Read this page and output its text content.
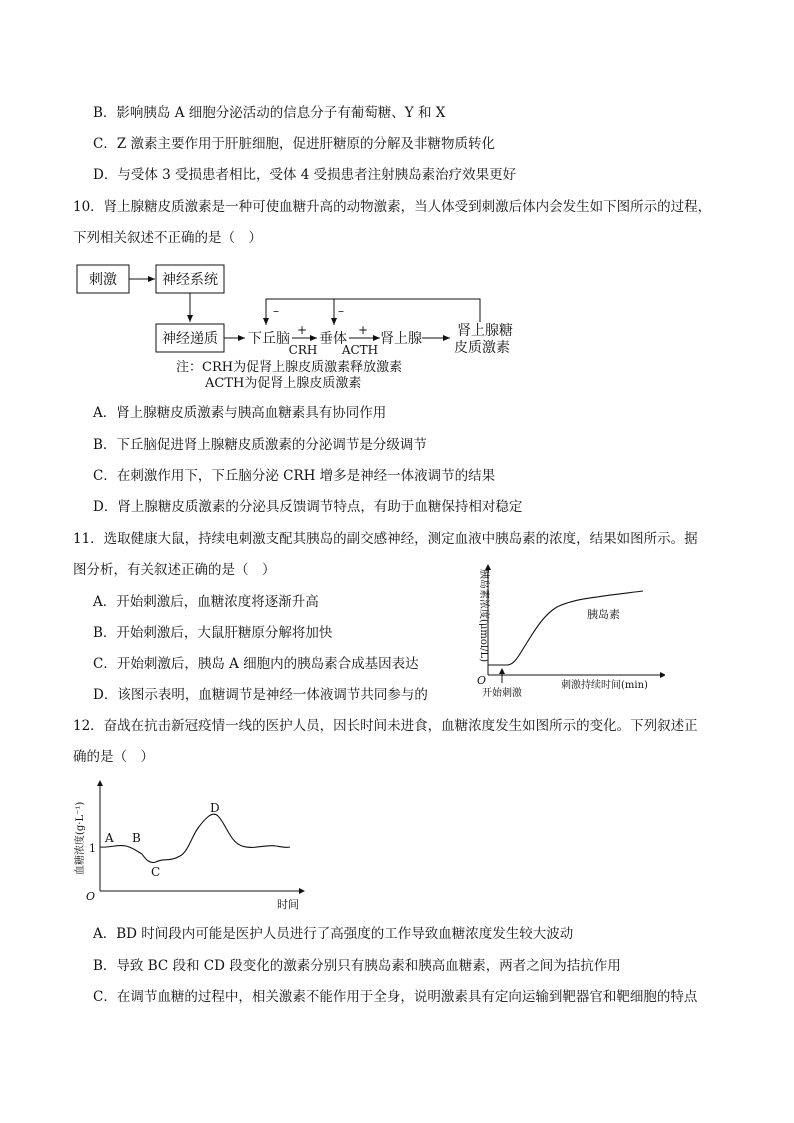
B．影响胰岛 A 细胞分泌活动的信息分子有葡萄糖、Y 和 X
C．Z 激素主要作用于肝脏细胞，促进肝糖原的分解及非糖物质转化
D．与受体 3 受损患者相比，受体 4 受损患者注射胰岛素治疗效果更好
10．肾上腺糖皮质激素是一种可使血糖升高的动物激素，当人体受到刺激后体内会发生如下图所示的过程，
下列相关叙述不正确的是（　）
刺激	神经系统
神经递质 下丘脑
+
CRH
垂体
+
ACTH
肾上腺	肾上腺糖
皮质激素
–	–
注：CRH为促肾上腺皮质激素释放激素
ACTH为促肾上腺皮质激素
A．肾上腺糖皮质激素与胰高血糖素具有协同作用
B．下丘脑促进肾上腺糖皮质激素的分泌调节是分级调节
C．在刺激作用下，下丘脑分泌 CRH 增多是神经一体液调节的结果
D．肾上腺糖皮质激素的分泌具反馈调节特点，有助于血糖保持相对稳定
11．选取健康大鼠，持续电刺激支配其胰岛的副交感神经，测定血液中胰岛素的浓度，结果如图所示。据
图分析，有关叙述正确的是（　）
A．开始刺激后，血糖浓度将逐渐升高
B．开始刺激后，大鼠肝糖原分解将加快
C．开始刺激后，胰岛 A 细胞内的胰岛素合成基因表达
D．该图示表明，血糖调节是神经一体液调节共同参与的
胰岛素浓度(μmol/L)
O	刺激持续时间(min)
胰岛素
开始刺激
12．奋战在抗击新冠疫情一线的医护人员，因长时间未进食，血糖浓度发生如图所示的变化。下列叙述正
确的是（　）
血糖浓度(g·L⁻¹) 1
O
时间
A B
C
D
A．BD 时间段内可能是医护人员进行了高强度的工作导致血糖浓度发生较大波动
B．导致 BC 段和 CD 段变化的激素分别只有胰岛素和胰高血糖素，两者之间为拮抗作用
C．在调节血糖的过程中，相关激素不能作用于全身，说明激素具有定向运输到靶器官和靶细胞的特点
